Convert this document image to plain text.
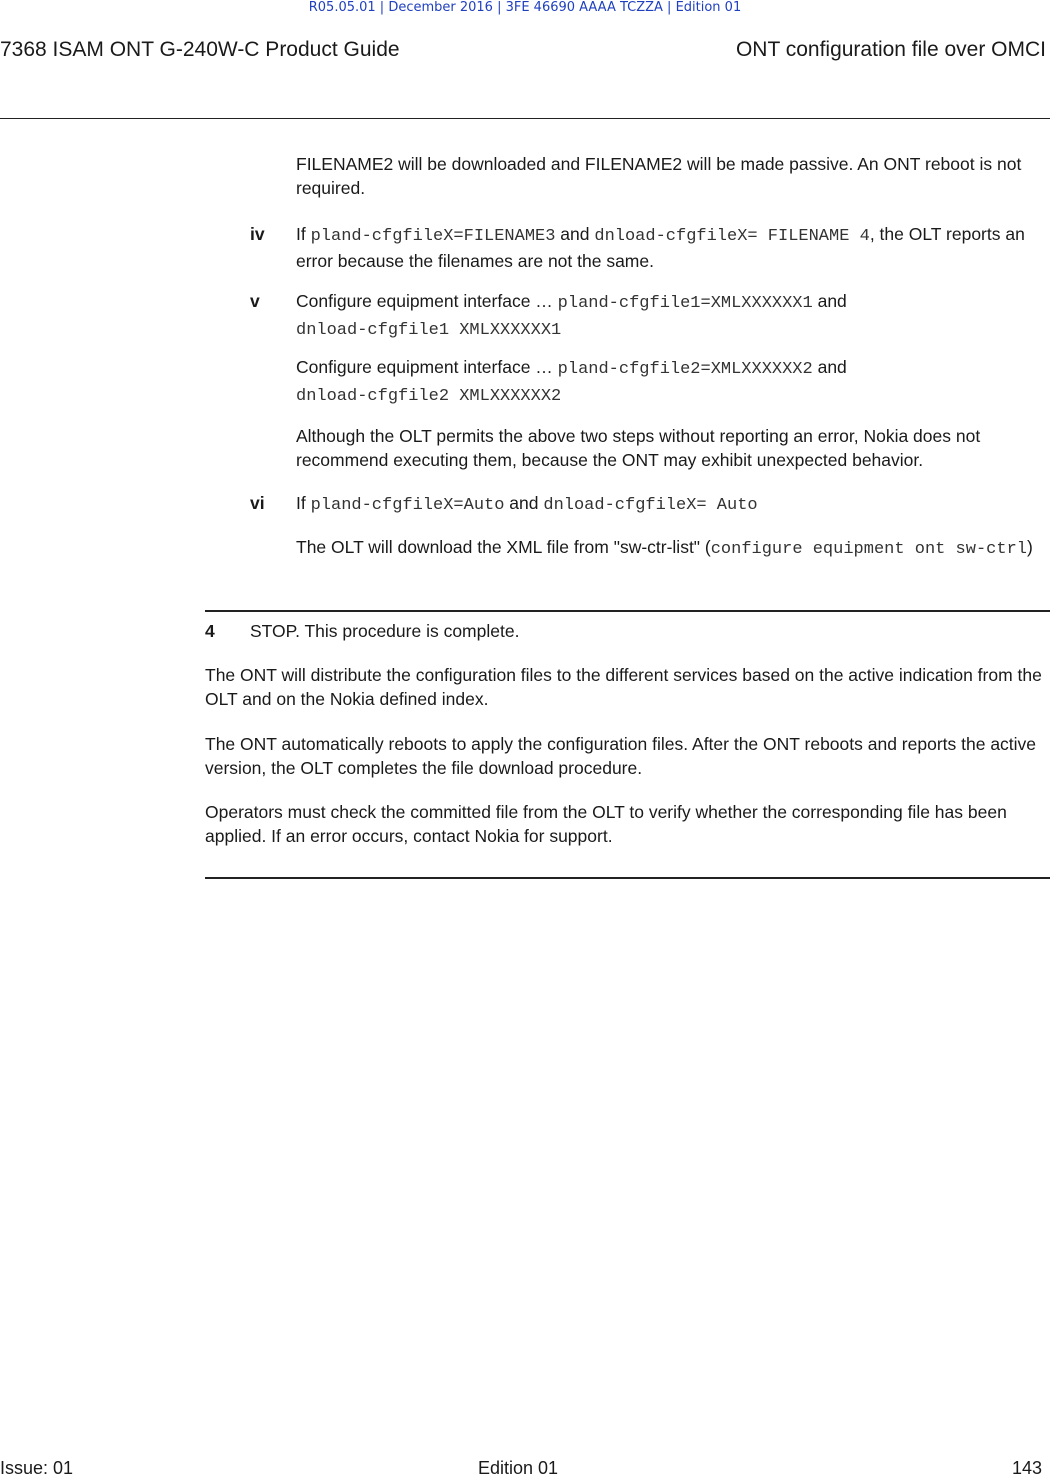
R05.05.01 | December 2016 | 3FE 46690 AAAA TCZZA | Edition 01
7368 ISAM ONT G-240W-C Product Guide	ONT configuration file over OMCI

FILENAME2 will be downloaded and FILENAME2 will be made passive. An ONT reboot is not required.

iv If pland-cfgfileX=FILENAME3 and dnload-cfgfileX= FILENAME 4, the OLT reports an error because the filenames are not the same.

v Configure equipment interface … pland-cfgfile1=XMLXXXXXX1 and
dnload-cfgfile1 XMLXXXXXX1

Configure equipment interface … pland-cfgfile2=XMLXXXXXX2 and
dnload-cfgfile2 XMLXXXXXX2

Although the OLT permits the above two steps without reporting an error, Nokia does not recommend executing them, because the ONT may exhibit unexpected behavior.

vi If pland-cfgfileX=Auto and dnload-cfgfileX= Auto

The OLT will download the XML file from "sw-ctr-list" (configure equipment ont sw-ctrl)

4 STOP. This procedure is complete.

The ONT will distribute the configuration files to the different services based on the active indication from the OLT and on the Nokia defined index.

The ONT automatically reboots to apply the configuration files. After the ONT reboots and reports the active version, the OLT completes the file download procedure.

Operators must check the committed file from the OLT to verify whether the corresponding file has been applied. If an error occurs, contact Nokia for support.

Issue: 01	Edition 01	143
